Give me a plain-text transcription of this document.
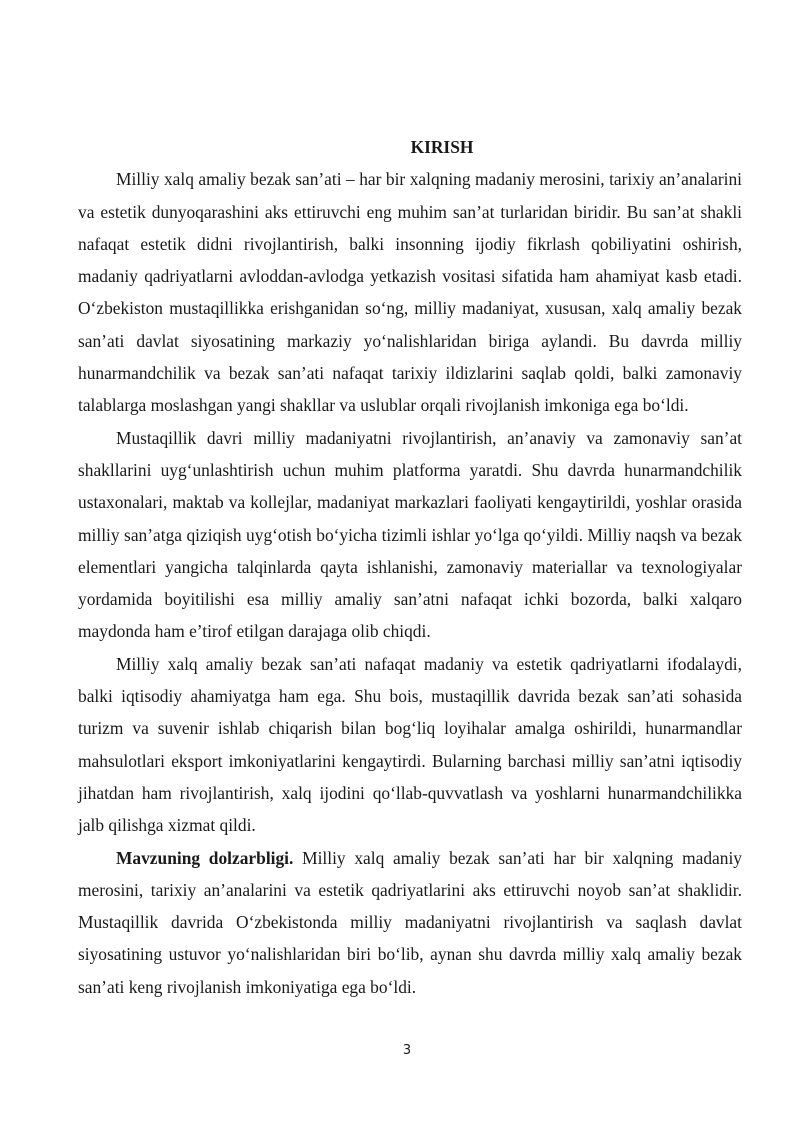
KIRISH

Milliy xalq amaliy bezak san’ati – har bir xalqning madaniy merosini, tarixiy an’analarini va estetik dunyoqarashini aks ettiruvchi eng muhim san’at turlaridan biridir. Bu san’at shakli nafaqat estetik didni rivojlantirish, balki insonning ijodiy fikrlash qobiliyatini oshirish, madaniy qadriyatlarni avloddan-avlodga yetkazish vositasi sifatida ham ahamiyat kasb etadi. O‘zbekiston mustaqillikka erishganidan so‘ng, milliy madaniyat, xususan, xalq amaliy bezak san’ati davlat siyosatining markaziy yo‘nalishlaridan biriga aylandi. Bu davrda milliy hunarmandchilik va bezak san’ati nafaqat tarixiy ildizlarini saqlab qoldi, balki zamonaviy talablarga moslashgan yangi shakllar va uslublar orqali rivojlanish imkoniga ega bo‘ldi.

Mustaqillik davri milliy madaniyatni rivojlantirish, an’anaviy va zamonaviy san’at shakllarini uyg‘unlashtirish uchun muhim platforma yaratdi. Shu davrda hunarmandchilik ustaxonalari, maktab va kollejlar, madaniyat markazlari faoliyati kengaytirildi, yoshlar orasida milliy san’atga qiziqish uyg‘otish bo‘yicha tizimli ishlar yo‘lga qo‘yildi. Milliy naqsh va bezak elementlari yangicha talqinlarda qayta ishlanishi, zamonaviy materiallar va texnologiyalar yordamida boyitilishi esa milliy amaliy san’atni nafaqat ichki bozorda, balki xalqaro maydonda ham e’tirof etilgan darajaga olib chiqdi.

Milliy xalq amaliy bezak san’ati nafaqat madaniy va estetik qadriyatlarni ifodalaydi, balki iqtisodiy ahamiyatga ham ega. Shu bois, mustaqillik davrida bezak san’ati sohasida turizm va suvenir ishlab chiqarish bilan bog‘liq loyihalar amalga oshirildi, hunarmandlar mahsulotlari eksport imkoniyatlarini kengaytirdi. Bularning barchasi milliy san’atni iqtisodiy jihatdan ham rivojlantirish, xalq ijodini qo‘llab-quvvatlash va yoshlarni hunarmandchilikka jalb qilishga xizmat qildi.

Mavzuning dolzarbligi. Milliy xalq amaliy bezak san’ati har bir xalqning madaniy merosini, tarixiy an’analarini va estetik qadriyatlarini aks ettiruvchi noyob san’at shaklidir. Mustaqillik davrida O‘zbekistonda milliy madaniyatni rivojlantirish va saqlash davlat siyosatining ustuvor yo‘nalishlaridan biri bo‘lib, aynan shu davrda milliy xalq amaliy bezak san’ati keng rivojlanish imkoniyatiga ega bo‘ldi.

3
